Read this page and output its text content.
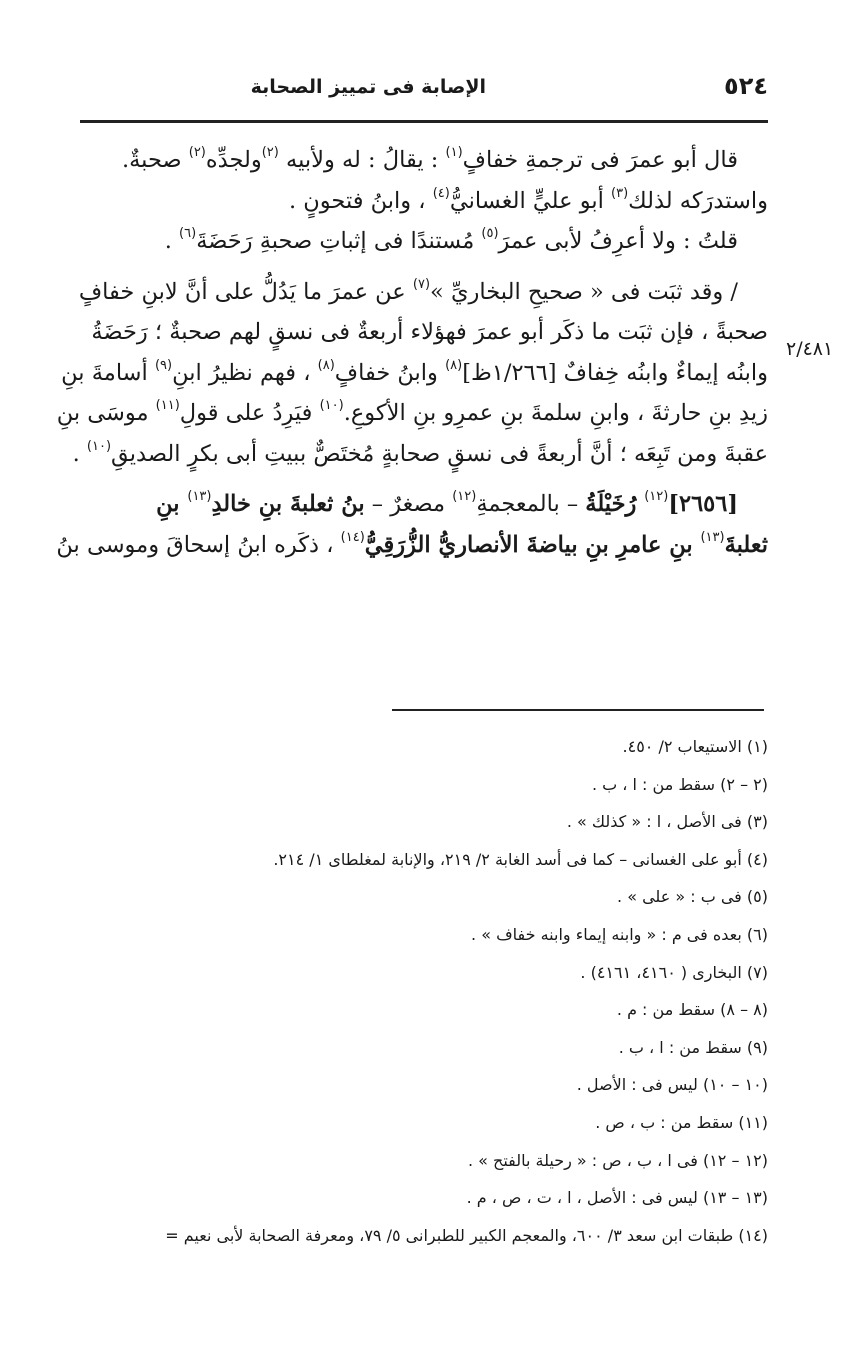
٥٢٤
الإصابة فى تمييز الصحابة
٢/٤٨١
قال أبو عمرَ فى ترجمةِ خفافٍ$^{(١)}$ : يقالُ : له ولأبيه $^{(٢)}$ولجدِّه$^{(٢)}$ صحبةٌ.
واستدرَكه لذلك$^{(٣)}$ أبو عليٍّ الغسانيُّ$^{(٤)}$ ، وابنُ فتحونٍ .
قلتُ : ولا أعرِفُ لأبى عمرَ$^{(٥)}$ مُستندًا فى إثباتِ صحبةِ رَحَضَةَ$^{(٦)}$ .
/ وقد ثبَت فى « صحيحِ البخاريِّ »$^{(٧)}$ عن عمرَ ما يَدُلُّ على أنَّ لابنِ خفافٍ
صحبةً ، فإن ثبَت ما ذكَر أبو عمرَ فهؤلاء أربعةٌ فى نسقٍ لهم صحبةٌ ؛ رَحَضَةُ
وابنُه إيماءٌ وابنُه خِفافٌ [١/٢٦٦ظ]$^{(٨)}$ وابنُ خفافٍ$^{(٨)}$ ، فهم نظيرُ ابنِ$^{(٩)}$ أسامةَ بنِ
زيدِ بنِ حارثةَ ، وابنِ سلمةَ بنِ عمرِو بنِ الأكوعِ.$^{(١٠)}$ فيَرِدُ على قولِ$^{(١١)}$ موسَى بنِ
عقبةَ ومن تَبِعَه ؛ أنَّ أربعةً فى نسقٍ صحابةٍ مُختَصٌّ ببيتِ أبى بكرٍ الصديقِ$^{(١٠)}$ .
[٢٦٥٦]$^{(١٢)}$ رُخَيْلَةُ – بالمعجمةِ$^{(١٢)}$ مصغرٌ – بنُ ثعلبةَ بنِ خالدِ$^{(١٣)}$ بنِ
ثعلبةَ$^{(١٣)}$ بنِ عامرِ بنِ بياضةَ الأنصاريُّ الزُّرَقِيُّ$^{(١٤)}$ ، ذكَره ابنُ إسحاقَ وموسى بنُ
(١) الاستيعاب ٢/ ٤٥٠.
(٢ – ٢) سقط من : ا ، ب .
(٣) فى الأصل ، ا : « كذلك » .
(٤) أبو على الغسانى – كما فى أسد الغابة ٢/ ٢١٩، والإنابة لمغلطاى ١/ ٢١٤.
(٥) فى ب : « على » .
(٦) بعده فى م : « وابنه إيماء وابنه خفاف » .
(٧) البخارى ( ٤١٦٠، ٤١٦١) .
(٨ – ٨) سقط من : م .
(٩) سقط من : ا ، ب .
(١٠ – ١٠) ليس فى : الأصل .
(١١) سقط من : ب ، ص .
(١٢ – ١٢) فى ا ، ب ، ص : « رحيلة بالفتح » .
(١٣ – ١٣) ليس فى : الأصل ، ا ، ت ، ص ، م .
(١٤) طبقات ابن سعد ٣/ ٦٠٠، والمعجم الكبير للطبرانى ٥/ ٧٩، ومعرفة الصحابة لأبى نعيم =
